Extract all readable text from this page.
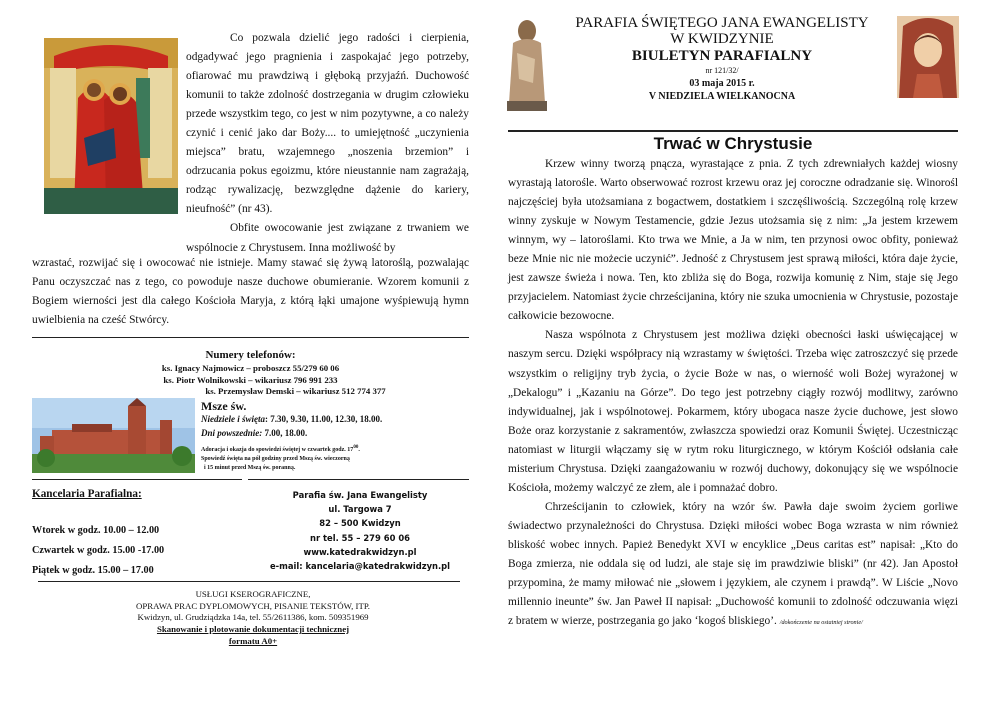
Co pozwala dzielić jego radości i cierpienia, odgadywać jego pragnienia i zaspokajać jego potrzeby, ofiarować mu prawdziwą i głęboką przyjaźń. Duchowość komunii to także zdolność dostrzegania w drugim człowieku przede wszystkim tego, co jest w nim pozytywne, a co należy czynić i cenić jako dar Boży.... to umiejętność „uczynienia miejsca” bratu, wzajemnego „noszenia brzemion” i odrzucania pokus egoizmu, które nieustannie nam zagrażają, rodząc rywalizację, bezwzględne dążenie do kariery, nieufność” (nr 43).

Obfite owocowanie jest związane z trwaniem we wspólnocie z Chrystusem. Inna możliwość by

wzrastać, rozwijać się i owocować nie istnieje. Mamy stawać się żywą latoroślą, pozwalając Panu oczyszczać nas z tego, co powoduje nasze duchowe obumieranie. Wzorem komunii z Bogiem wierności jest dla całego Kościoła Maryja, z którą łąki umajone wyśpiewują hymn uwielbienia na cześć Stwórcy.

Numery telefonów:
ks. Ignacy Najmowicz – proboszcz 55/279 60 06
ks. Piotr Wolnikowski – wikariusz 796 991 233
ks. Przemysław Demski – wikariusz 512 774 377
Msze św.
Niedziele i święta: 7.30, 9.30, 11.00, 12.30, 18.00.
Dni powszednie: 7.00, 18.00.
Adoracja i okazja do spowiedzi świętej w czwartek godz. $17^{00}$.
Spowiedź święta na pół godziny przed Mszą św. wieczorną
i 15 minut przed Mszą św. poranną.
Kancelaria Parafialna:
Wtorek w godz. 10.00 – 12.00
Czwartek w godz. 15.00 -17.00
Piątek w godz. 15.00 – 17.00
Parafia św. Jana Ewangelisty
ul. Targowa 7
82 – 500 Kwidzyn
nr tel. 55 – 279 60 06
www.katedrakwidzyn.pl
e-mail: kancelaria@katedrakwidzyn.pl
USŁUGI KSEROGRAFICZNE,
OPRAWA PRAC DYPLOMOWYCH, PISANIE TEKSTÓW, ITP.
Kwidzyn, ul. Grudziądzka 14a, tel. 55/2611386, kom. 509351969
Skanowanie i plotowanie dokumentacji technicznej
formatu A0+
PARAFIA ŚWIĘTEGO JANA EWANGELISTY
W KWIDZYNIE
BIULETYN PARAFIALNY
nr 121/32/
03 maja 2015 r.
V NIEDZIELA WIELKANOCNA
Trwać w Chrystusie

Krzew winny tworzą pnącza, wyrastające z pnia. Z tych zdrewniałych każdej wiosny wyrastają latorośle. Warto obserwować rozrost krzewu oraz jej coroczne odradzanie się. Winorośl najczęściej była utożsamiana z bogactwem, dostatkiem i szczęśliwością. Szczególną rolę krzew winny zyskuje w Nowym Testamencie, gdzie Jezus utożsamia się z nim: „Ja jestem krzewem winnym, wy – latoroślami. Kto trwa we Mnie, a Ja w nim, ten przynosi owoc obfity, ponieważ beze Mnie nic nie możecie uczynić”. Jedność z Chrystusem jest sprawą miłości, która daje życie, jest zawsze świeża i nowa. Ten, kto zbliża się do Boga, rozwija komunię z Nim, staje się Jego przyjacielem. Natomiast życie chrześcijanina, który nie szuka umocnienia w Chrystusie, pozostaje całkowicie bezowocne.

Nasza wspólnota z Chrystusem jest możliwa dzięki obecności łaski uświęcającej w naszym sercu. Dzięki współpracy nią wzrastamy w świętości. Trzeba więc zatroszczyć się przede wszystkim o religijny tryb życia, o życie Boże w nas, o wierność woli Bożej wyrażonej w „Dekalogu” i „Kazaniu na Górze”. Do tego jest potrzebny ciągły rozwój modlitwy, zarówno indywidualnej, jak i wspólnotowej. Pokarmem, który ubogaca nasze życie duchowe, jest słowo Boże oraz korzystanie z sakramentów, zwłaszcza spowiedzi oraz Komunii Świętej. Uczestnicząc natomiast w liturgii włączamy się w rytm roku liturgicznego, w którym Kościół odsłania całe misterium Chrystusa. Dzięki zaangażowaniu w rozwój duchowy, dokonujący się we wspólnocie Kościoła, możemy walczyć ze złem, ale i pomnażać dobro.

Chrześcijanin to człowiek, który na wzór św. Pawła daje swoim życiem gorliwe świadectwo przynależności do Chrystusa. Dzięki miłości wobec Boga wzrasta w nim również bliskość wobec innych. Papież Benedykt XVI w encyklice „Deus caritas est” napisał: „Kto do Boga zmierza, nie oddala się od ludzi, ale staje się im prawdziwie bliski” (nr 42). Jan Apostoł przypomina, że mamy miłować nie „słowem i językiem, ale czynem i prawdą”. W Liście „Novo millennio ineunte” św. Jan Paweł II napisał: „Duchowość komunii to zdolność odczuwania więzi z bratem w wierze, postrzegania go jako ‘kogoś bliskiego’. /dokończenie na ostatniej stronie/
